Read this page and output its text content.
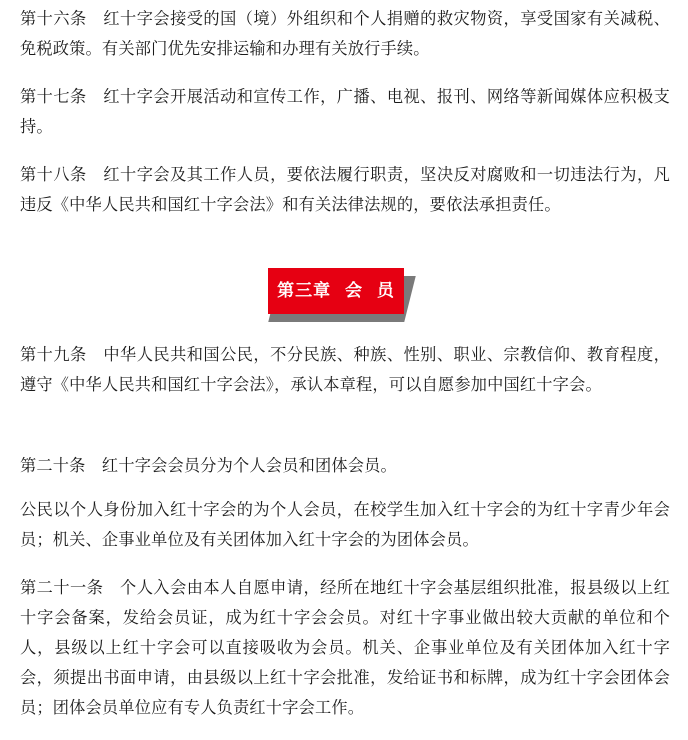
第十六条　红十字会接受的国（境）外组织和个人捐赠的救灾物资，享受国家有关减税、免税政策。有关部门优先安排运输和办理有关放行手续。

第十七条　红十字会开展活动和宣传工作，广播、电视、报刊、网络等新闻媒体应积极支持。

第十八条　红十字会及其工作人员，要依法履行职责，坚决反对腐败和一切违法行为，凡违反《中华人民共和国红十字会法》和有关法律法规的，要依法承担责任。

第三章  会  员

第十九条　中华人民共和国公民，不分民族、种族、性别、职业、宗教信仰、教育程度，遵守《中华人民共和国红十字会法》，承认本章程，可以自愿参加中国红十字会。

第二十条　红十字会会员分为个人会员和团体会员。

公民以个人身份加入红十字会的为个人会员，在校学生加入红十字会的为红十字青少年会员；机关、企事业单位及有关团体加入红十字会的为团体会员。

第二十一条　个人入会由本人自愿申请，经所在地红十字会基层组织批准，报县级以上红十字会备案，发给会员证，成为红十字会会员。对红十字事业做出较大贡献的单位和个人，县级以上红十字会可以直接吸收为会员。机关、企事业单位及有关团体加入红十字会，须提出书面申请，由县级以上红十字会批准，发给证书和标牌，成为红十字会团体会员；团体会员单位应有专人负责红十字会工作。
